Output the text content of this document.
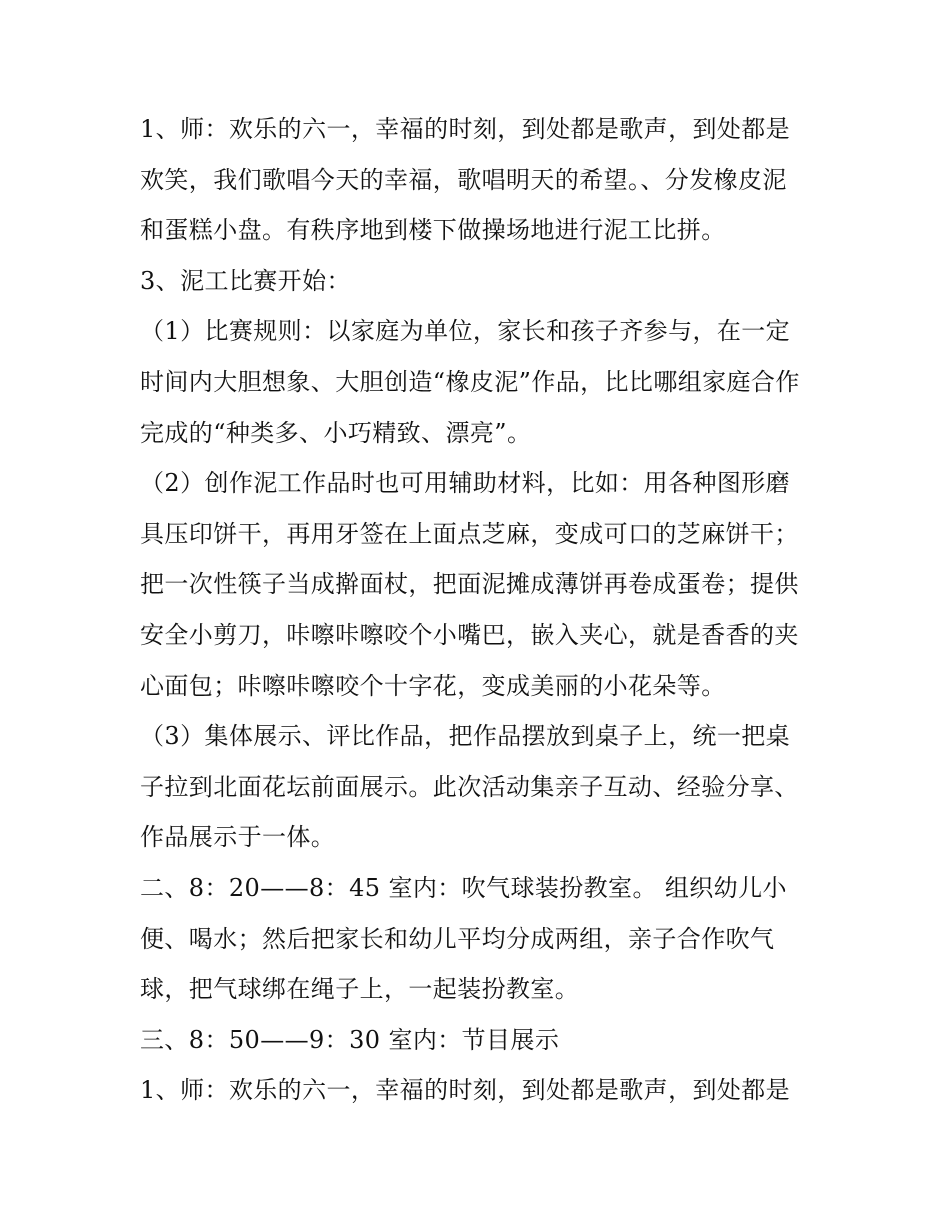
1、师：欢乐的六一，幸福的时刻，到处都是歌声，到处都是
欢笑，我们歌唱今天的幸福，歌唱明天的希望。、分发橡皮泥
和蛋糕小盘。有秩序地到楼下做操场地进行泥工比拼。

3、泥工比赛开始：

（1）比赛规则：以家庭为单位，家长和孩子齐参与，在一定
时间内大胆想象、大胆创造“橡皮泥”作品，比比哪组家庭合作
完成的“种类多、小巧精致、漂亮”。

（2）创作泥工作品时也可用辅助材料，比如：用各种图形磨
具压印饼干，再用牙签在上面点芝麻，变成可口的芝麻饼干；
把一次性筷子当成擀面杖，把面泥摊成薄饼再卷成蛋卷；提供
安全小剪刀，咔嚓咔嚓咬个小嘴巴，嵌入夹心，就是香香的夹
心面包；咔嚓咔嚓咬个十字花，变成美丽的小花朵等。

（3）集体展示、评比作品，把作品摆放到桌子上，统一把桌
子拉到北面花坛前面展示。此次活动集亲子互动、经验分享、
作品展示于一体。

二、8：20——8：45 室内：吹气球装扮教室。 组织幼儿小
便、喝水；然后把家长和幼儿平均分成两组，亲子合作吹气
球，把气球绑在绳子上，一起装扮教室。

三、8：50——9：30 室内：节目展示

1、师：欢乐的六一，幸福的时刻，到处都是歌声，到处都是
